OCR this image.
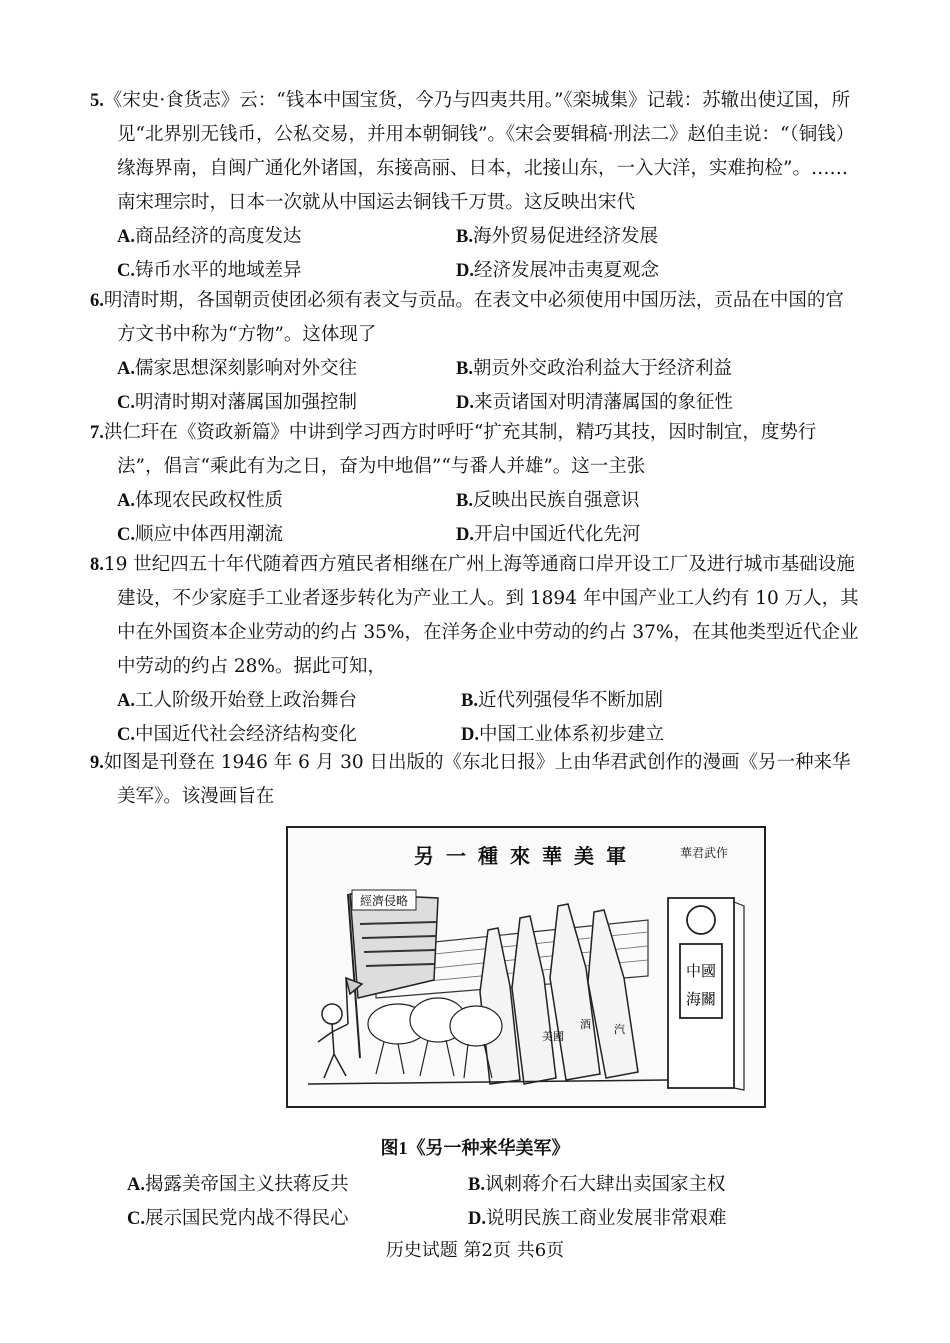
5.《宋史·食货志》云：“钱本中国宝货，今乃与四夷共用。”《栾城集》记载：苏辙出使辽国，所见“北界别无钱币，公私交易，并用本朝铜钱”。《宋会要辑稿·刑法二》赵伯圭说：“（铜钱）缘海界南，自闽广通化外诸国，东接高丽、日本，北接山东，一入大洋，实难拘检”。……南宋理宗时，日本一次就从中国运去铜钱千万贯。这反映出宋代
A.商品经济的高度发达	B.海外贸易促进经济发展
C.铸币水平的地域差异	D.经济发展冲击夷夏观念
6.明清时期，各国朝贡使团必须有表文与贡品。在表文中必须使用中国历法，贡品在中国的官方文书中称为“方物”。这体现了
A.儒家思想深刻影响对外交往	B.朝贡外交政治利益大于经济利益
C.明清时期对藩属国加强控制	D.来贡诸国对明清藩属国的象征性
7.洪仁玕在《资政新篇》中讲到学习西方时呼吁“扩充其制，精巧其技，因时制宜，度势行法”，倡言“乘此有为之日，奋为中地倡”“与番人并雄”。这一主张
A.体现农民政权性质	B.反映出民族自强意识
C.顺应中体西用潮流	D.开启中国近代化先河
8.19 世纪四五十年代随着西方殖民者相继在广州上海等通商口岸开设工厂及进行城市基础设施建设，不少家庭手工业者逐步转化为产业工人。到 1894 年中国产业工人约有 10 万人，其中在外国资本企业劳动的约占 35%，在洋务企业中劳动的约占 37%，在其他类型近代企业中劳动的约占 28%。据此可知，
A.工人阶级开始登上政治舞台	B.近代列强侵华不断加剧
C.中国近代社会经济结构变化	D.中国工业体系初步建立
9.如图是刊登在 1946 年 6 月 30 日出版的《东北日报》上由华君武创作的漫画《另一种来华美军》。该漫画旨在
另一種來華美軍	華君武作
經濟侵略
美國
酒 汽
中國
海關
图1《另一种来华美军》
A.揭露美帝国主义扶蒋反共	B.讽刺蒋介石大肆出卖国家主权
C.展示国民党内战不得民心	D.说明民族工商业发展非常艰难
历史试题 第2页 共6页
